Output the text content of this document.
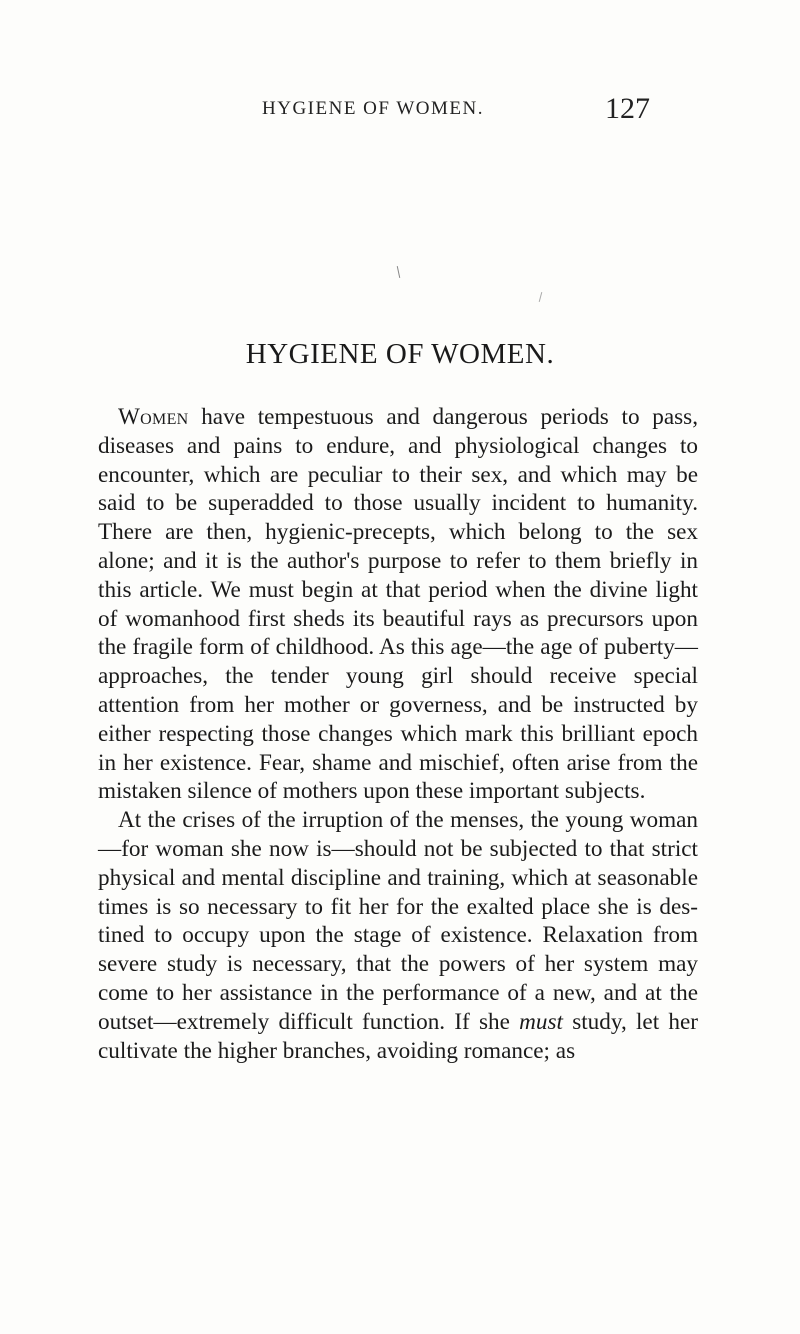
HYGIENE OF WOMEN.	127
HYGIENE OF WOMEN.

Women have tempestuous and dangerous periods to pass, diseases and pains to endure, and physiological changes to encounter, which are peculiar to their sex, and which may be said to be superadded to those usually incident to humanity. There are then, hygienic-precepts, which belong to the sex alone; and it is the author's purpose to refer to them briefly in this article. We must begin at that period when the divine light of womanhood first sheds its beautiful rays as precursors upon the fragile form of childhood. As this age—the age of puberty—approaches, the tender young girl should receive special attention from her mother or governess, and be instructed by either respecting those changes which mark this brilliant epoch in her existence. Fear, shame and mischief, often arise from the mistaken silence of mothers upon these important subjects.

At the crises of the irruption of the menses, the young woman—for woman she now is—should not be subjected to that strict physical and mental discipline and training, which at seasonable times is so necessary to fit her for the exalted place she is destined to occupy upon the stage of existence. Relaxation from severe study is necessary, that the powers of her system may come to her assistance in the performance of a new, and at the outset—extremely difficult function. If she must study, let her cultivate the higher branches, avoiding romance; as
